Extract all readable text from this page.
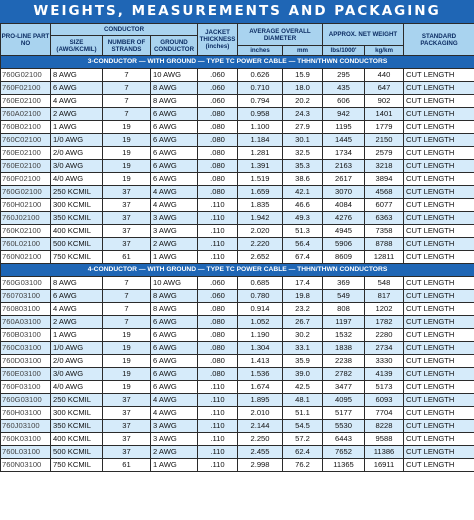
WEIGHTS, MEASUREMENTS AND PACKAGING
PRO-LINE PART NO	CONDUCTOR			JACKET THICKNESS (inches)	AVERAGE OVERALL DIAMETER		APPROX. NET WEIGHT		STANDARD PACKAGING
	SIZE (AWG/KCMIL)	NUMBER OF STRANDS	GROUND CONDUCTOR						
					inches	mm	lbs/1000'	kg/km	
3-CONDUCTOR — WITH GROUND — TYPE TC POWER CABLE — THHN/THWN CONDUCTORS									
760G02100	8 AWG	7	10 AWG	.060	0.626	15.9	295	440	CUT LENGTH
760F02100	6 AWG	7	8 AWG	.060	0.710	18.0	435	647	CUT LENGTH
760E02100	4 AWG	7	8 AWG	.060	0.794	20.2	606	902	CUT LENGTH
760A02100	2 AWG	7	6 AWG	.080	0.958	24.3	942	1401	CUT LENGTH
760B02100	1 AWG	19	6 AWG	.080	1.100	27.9	1195	1779	CUT LENGTH
760C02100	1/0 AWG	19	6 AWG	.080	1.184	30.1	1445	2150	CUT LENGTH
760E02100	2/0 AWG	19	6 AWG	.080	1.281	32.5	1734	2579	CUT LENGTH
760E02100	3/0 AWG	19	6 AWG	.080	1.391	35.3	2163	3218	CUT LENGTH
760F02100	4/0 AWG	19	6 AWG	.080	1.519	38.6	2617	3894	CUT LENGTH
760G02100	250 KCMIL	37	4 AWG	.080	1.659	42.1	3070	4568	CUT LENGTH
760H02100	300 KCMIL	37	4 AWG	.110	1.835	46.6	4084	6077	CUT LENGTH
760J02100	350 KCMIL	37	3 AWG	.110	1.942	49.3	4276	6363	CUT LENGTH
760K02100	400 KCMIL	37	3 AWG	.110	2.020	51.3	4945	7358	CUT LENGTH
760L02100	500 KCMIL	37	2 AWG	.110	2.220	56.4	5906	8788	CUT LENGTH
760N02100	750 KCMIL	61	1 AWG	.110	2.652	67.4	8609	12811	CUT LENGTH
4-CONDUCTOR — WITH GROUND — TYPE TC POWER CABLE — THHN/THWN CONDUCTORS									
760G03100	8 AWG	7	10 AWG	.060	0.685	17.4	369	548	CUT LENGTH
760703100	6 AWG	7	8 AWG	.060	0.780	19.8	549	817	CUT LENGTH
760803100	4 AWG	7	8 AWG	.080	0.914	23.2	808	1202	CUT LENGTH
760A03100	2 AWG	7	6 AWG	.080	1.052	26.7	1197	1782	CUT LENGTH
760B03100	1 AWG	19	6 AWG	.080	1.190	30.2	1532	2280	CUT LENGTH
760C03100	1/0 AWG	19	6 AWG	.080	1.304	33.1	1838	2734	CUT LENGTH
760D03100	2/0 AWG	19	6 AWG	.080	1.413	35.9	2238	3330	CUT LENGTH
760E03100	3/0 AWG	19	6 AWG	.080	1.536	39.0	2782	4139	CUT LENGTH
760F03100	4/0 AWG	19	6 AWG	.110	1.674	42.5	3477	5173	CUT LENGTH
760G03100	250 KCMIL	37	4 AWG	.110	1.895	48.1	4095	6093	CUT LENGTH
760H03100	300 KCMIL	37	4 AWG	.110	2.010	51.1	5177	7704	CUT LENGTH
760J03100	350 KCMIL	37	3 AWG	.110	2.144	54.5	5530	8228	CUT LENGTH
760K03100	400 KCMIL	37	3 AWG	.110	2.250	57.2	6443	9588	CUT LENGTH
760L03100	500 KCMIL	37	2 AWG	.110	2.455	62.4	7652	11386	CUT LENGTH
760N03100	750 KCMIL	61	1 AWG	.110	2.998	76.2	11365	16911	CUT LENGTH
